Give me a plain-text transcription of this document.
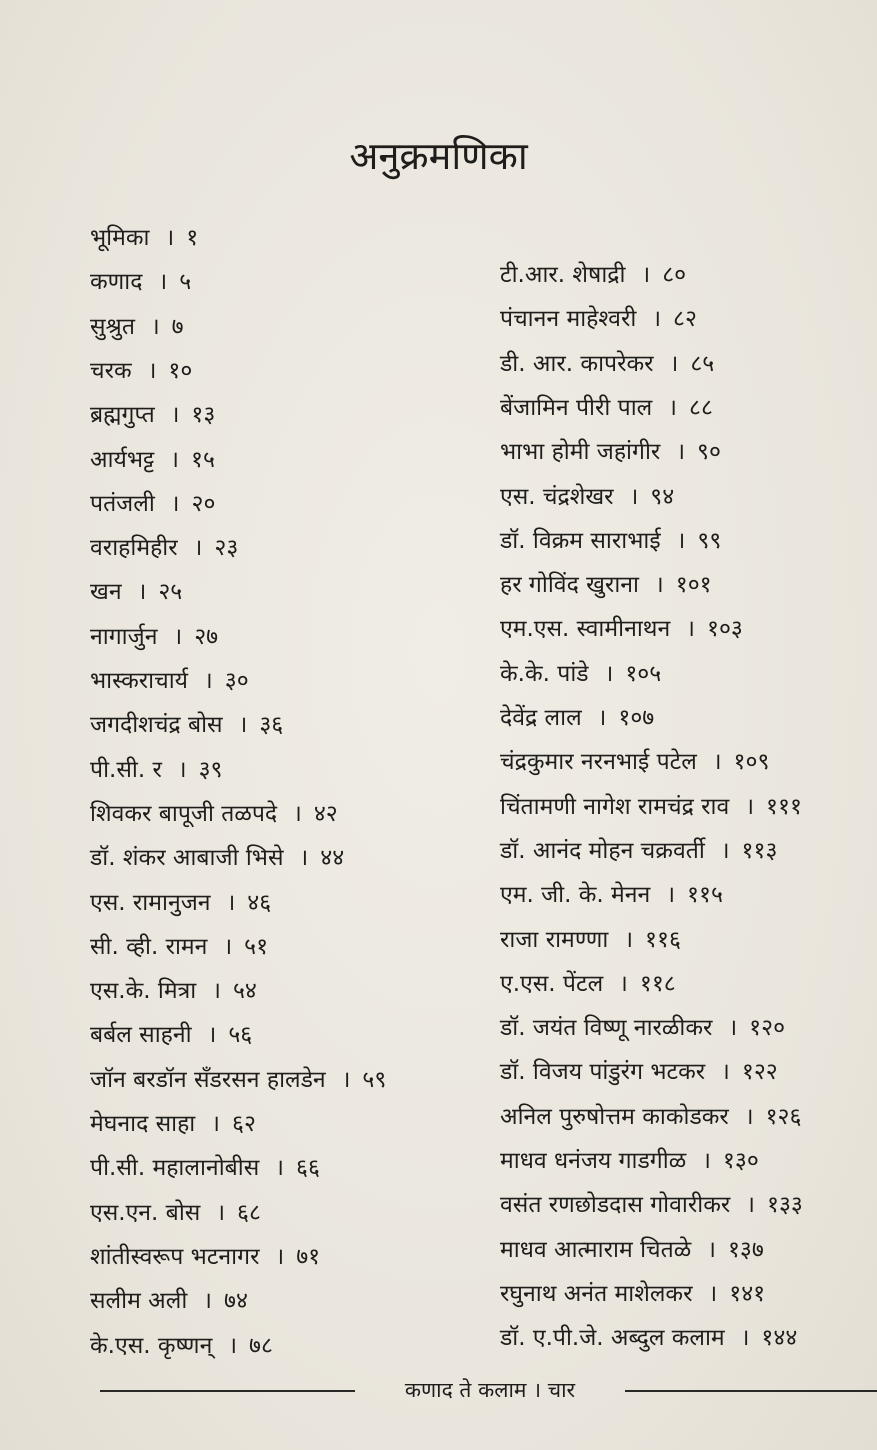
अनुक्रमणिका
भूमिका । १
कणाद । ५
सुश्रुत । ७
चरक । १०
ब्रह्मगुप्त । १३
आर्यभट्ट । १५
पतंजली । २०
वराहमिहीर । २३
खन । २५
नागार्जुन । २७
भास्कराचार्य । ३०
जगदीशचंद्र बोस । ३६
पी.सी. र । ३९
शिवकर बापूजी तळपदे । ४२
डॉ. शंकर आबाजी भिसे । ४४
एस. रामानुजन । ४६
सी. व्ही. रामन । ५१
एस.के. मित्रा । ५४
बर्बल साहनी । ५६
जॉन बरडॉन सँडरसन हालडेन । ५९
मेघनाद साहा । ६२
पी.सी. महालानोबीस । ६६
एस.एन. बोस । ६८
शांतीस्वरूप भटनागर । ७१
सलीम अली । ७४
के.एस. कृष्णन् । ७८
टी.आर. शेषाद्री । ८०
पंचानन माहेश्वरी । ८२
डी. आर. कापरेकर । ८५
बेंजामिन पीरी पाल । ८८
भाभा होमी जहांगीर । ९०
एस. चंद्रशेखर । ९४
डॉ. विक्रम साराभाई । ९९
हर गोविंद खुराना । १०१
एम.एस. स्वामीनाथन । १०३
के.के. पांडे । १०५
देवेंद्र लाल । १०७
चंद्रकुमार नरनभाई पटेल । १०९
चिंतामणी नागेश रामचंद्र राव । १११
डॉ. आनंद मोहन चक्रवर्ती । ११३
एम. जी. के. मेनन । ११५
राजा रामण्णा । ११६
ए.एस. पेंटल । ११८
डॉ. जयंत विष्णू नारळीकर । १२०
डॉ. विजय पांडुरंग भटकर । १२२
अनिल पुरुषोत्तम काकोडकर । १२६
माधव धनंजय गाडगीळ । १३०
वसंत रणछोडदास गोवारीकर । १३३
माधव आत्माराम चितळे । १३७
रघुनाथ अनंत माशेलकर । १४१
डॉ. ए.पी.जे. अब्दुल कलाम । १४४
कणाद ते कलाम । चार
